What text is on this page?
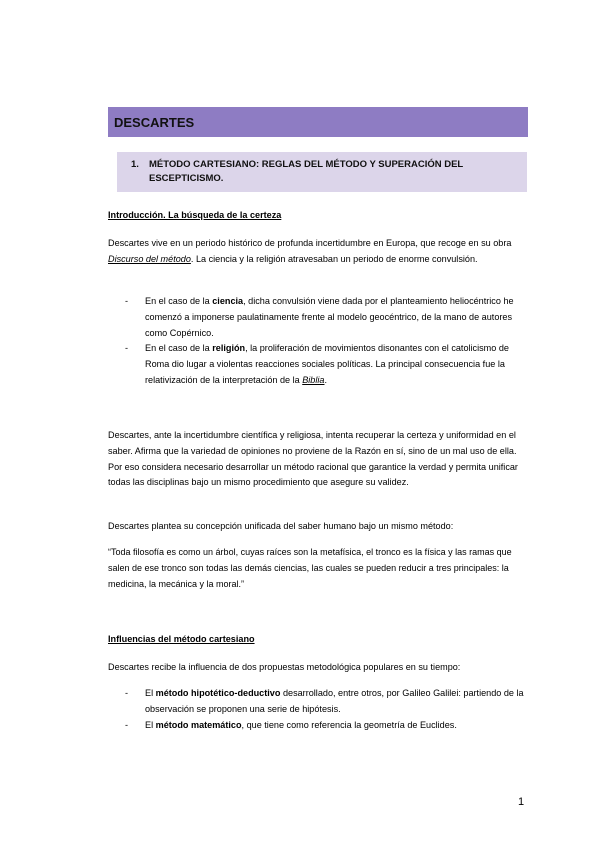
DESCARTES
1. MÉTODO CARTESIANO: REGLAS DEL MÉTODO Y SUPERACIÓN DEL
ESCEPTICISMO.
Introducción. La búsqueda de la certeza
Descartes vive en un periodo histórico de profunda incertidumbre en Europa, que recoge en su obra Discurso del método. La ciencia y la religión atravesaban un periodo de enorme convulsión.
- En el caso de la ciencia, dicha convulsión viene dada por el planteamiento heliocéntrico he comenzó a imponerse paulatinamente frente al modelo geocéntrico, de la mano de autores como Copérnico.
- En el caso de la religión, la proliferación de movimientos disonantes con el catolicismo de Roma dio lugar a violentas reacciones sociales políticas. La principal consecuencia fue la relativización de la interpretación de la Biblia.
Descartes, ante la incertidumbre científica y religiosa, intenta recuperar la certeza y uniformidad en el saber. Afirma que la variedad de opiniones no proviene de la Razón en sí, sino de un mal uso de ella. Por eso considera necesario desarrollar un método racional que garantice la verdad y permita unificar todas las disciplinas bajo un mismo procedimiento que asegure su validez.
Descartes plantea su concepción unificada del saber humano bajo un mismo método:
“Toda filosofía es como un árbol, cuyas raíces son la metafísica, el tronco es la física y las ramas que salen de ese tronco son todas las demás ciencias, las cuales se pueden reducir a tres principales: la medicina, la mecánica y la moral.”
Influencias del método cartesiano
Descartes recibe la influencia de dos propuestas metodológica populares en su tiempo:
- El método hipotético-deductivo desarrollado, entre otros, por Galileo Galilei: partiendo de la observación se proponen una serie de hipótesis.
- El método matemático, que tiene como referencia la geometría de Euclides.
1
